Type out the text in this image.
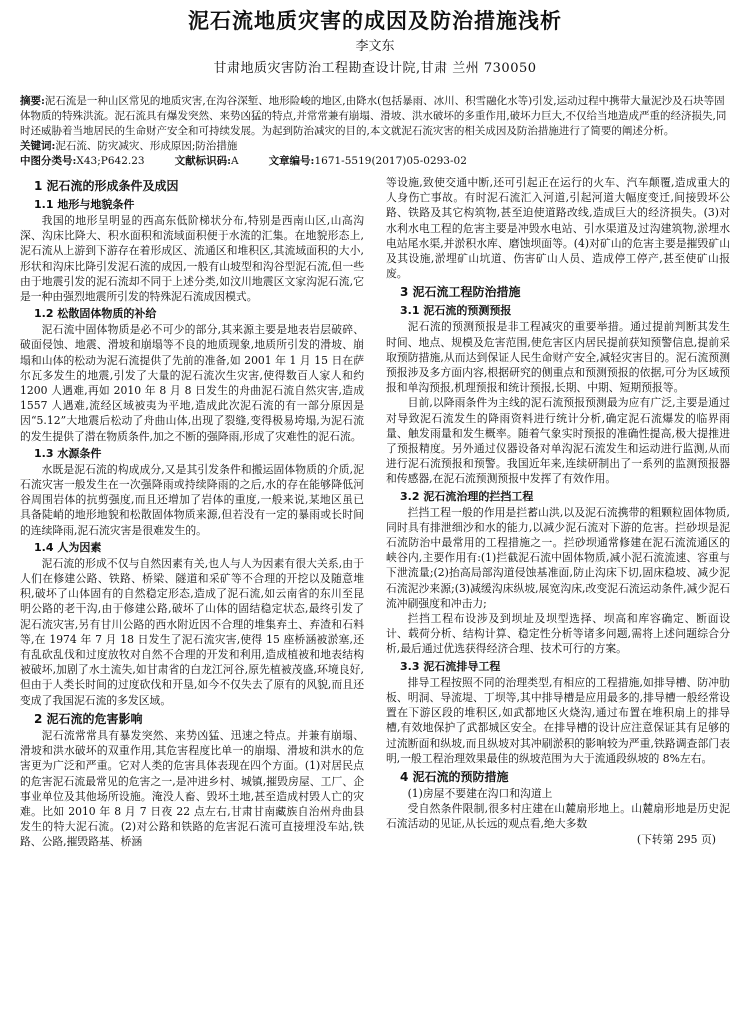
泥石流地质灾害的成因及防治措施浅析
李文东
甘肃地质灾害防治工程勘查设计院,甘肃 兰州 730050

摘要:泥石流是一种山区常见的地质灾害,在沟谷深堑、地形险峻的地区,由降水(包括暴雨、冰川、积雪融化水等)引发,运动过程中携带大量泥沙及石块等固体物质的特殊洪流。泥石流具有爆发突然、来势凶猛的特点,并常常兼有崩塌、滑坡、洪水破坏的多重作用,破坏力巨大,不仅给当地造成严重的经济损失,同时还威胁着当地居民的生命财产安全和可持续发展。为起到防治减灾的目的,本文就泥石流灾害的相关成因及防治措施进行了简要的阐述分析。

关键词:泥石流、防灾减灾、形成原因;防治措施

中图分类号:X43;P642.23	文献标识码:A	文章编号:1671-5519(2017)05-0293-02
1 泥石流的形成条件及成因
1.1 地形与地貌条件

我国的地形呈明显的西高东低阶梯状分布,特别是西南山区,山高沟深、沟床比降大、积水面积和流域面积便于水流的汇集。在地貌形态上,泥石流从上游到下游存在着形成区、流通区和堆积区,其流域面积的大小,形状和沟床比降引发泥石流的成因,一般有山坡型和沟谷型泥石流,但一些由于地震引发的泥石流却不同于上述分类,如汶川地震区文家沟泥石流,它是一种由强烈地震所引发的特殊泥石流成因模式。

1.2 松散固体物质的补给

泥石流中固体物质是必不可少的部分,其来源主要是地表岩层破碎、破面侵蚀、地震、滑坡和崩塌等不良的地质现象,地质所引发的滑坡、崩塌和山体的松动为泥石流提供了先前的准备,如 2001 年 1 月 15 日在萨尔瓦多发生的地震,引发了大量的泥石流次生灾害,使得数百人家人和约 1200 人遇难,再如 2010 年 8 月 8 日发生的舟曲泥石流自然灾害,造成 1557 人遇难,流经区域被夷为平地,造成此次泥石流的有一部分原因是因“5.12”大地震后松动了舟曲山体,出现了裂缝,变得极易垮塌,为泥石流的发生提供了潜在物质条件,加之不断的强降雨,形成了灾难性的泥石流。

1.3 水源条件

水既是泥石流的构成成分,又是其引发条件和搬运固体物质的介质,泥石流灾害一般发生在一次强降雨或持续降雨的之后,水的存在能够降低河谷周围岩体的抗剪强度,而且还增加了岩体的重度,一般来说,某地区虽已具备陡峭的地形地貌和松散固体物质来源,但若没有一定的暴雨或长时间的连续降雨,泥石流灾害是很难发生的。

1.4 人为因素

泥石流的形成不仅与自然因素有关,也人与人为因素有很大关系,由于人们在修建公路、铁路、桥梁、隧道和采矿等不合理的开挖以及随意堆积,破坏了山体固有的自然稳定形态,造成了泥石流,如云南省的东川至昆明公路的老干沟,由于修建公路,破坏了山体的固结稳定状态,最终引发了泥石流灾害,另有甘川公路的西水附近因不合理的堆集弃土、弃渣和石料等,在 1974 年 7 月 18 日发生了泥石流灾害,使得 15 座桥涵被淤塞,还有乱砍乱伐和过度放牧对自然不合理的开发和利用,造成植被和地表结构被破坏,加剧了水土流失,如甘肃省的白龙江河谷,原先植被茂盛,环境良好,但由于人类长时间的过度砍伐和开垦,如今不仅失去了原有的风貌,而且还变成了我国泥石流的多发区域。

2 泥石流的危害影响

泥石流常常具有暴发突然、来势凶猛、迅速之特点。并兼有崩塌、滑坡和洪水破坏的双重作用,其危害程度比单一的崩塌、滑坡和洪水的危害更为广泛和严重。它对人类的危害具体表现在四个方面。(1)对居民点的危害泥石流最常见的危害之一,是冲进乡村、城镇,摧毁房屋、工厂、企事业单位及其他场所设施。淹没人畜、毁坏土地,甚至造成村毁人亡的灾难。比如 2010 年 8 月 7 日夜 22 点左右,甘肃甘南藏族自治州舟曲县发生的特大泥石流。(2)对公路和铁路的危害泥石流可直接埋没车站,铁路、公路,摧毁路基、桥涵

等设施,致使交通中断,还可引起正在运行的火车、汽车颠覆,造成重大的人身伤亡事故。有时泥石流汇入河道,引起河道大幅度变迁,间接毁坏公路、铁路及其它构筑物,甚至迫使道路改线,造成巨大的经济损失。(3)对水利水电工程的危害主要是冲毁水电站、引水渠道及过沟建筑物,淤埋水电站尾水渠,并淤积水库、磨蚀坝面等。(4)对矿山的危害主要是摧毁矿山及其设施,淤埋矿山坑道、伤害矿山人员、造成停工停产,甚至使矿山报废。

3 泥石流工程防治措施
3.1 泥石流的预测预报

泥石流的预测预报是非工程减灾的重要举措。通过提前判断其发生时间、地点、规模及危害范围,使危害区内居民提前获知预警信息,提前采取预防措施,从而达到保证人民生命财产安全,减轻灾害目的。泥石流预测预报涉及多方面内容,根据研究的侧重点和预测预报的依据,可分为区域预报和单沟预报,机理预报和统计预报,长期、中期、短期预报等。

目前,以降雨条件为主线的泥石流预报预测最为应有广泛,主要是通过对导致泥石流发生的降雨资料进行统计分析,确定泥石流爆发的临界雨量、触发雨量和发生概率。随着气象实时预报的准确性提高,极大提推进了预报精度。另外通过仪器设备对单沟泥石流发生和运动进行监测,从而进行泥石流预报和预警。我国近年来,连续研制出了一系列的监测预报器和传感器,在泥石流预测预报中发挥了有效作用。

3.2 泥石流治理的拦挡工程

拦挡工程一般的作用是拦蓄山洪,以及泥石流携带的粗颗粒固体物质,同时具有排泄细沙和水的能力,以减少泥石流对下游的危害。拦砂坝是泥石流防治中最常用的工程措施之一。拦砂坝通常修建在泥石流流通区的峡谷内,主要作用有:(1)拦截泥石流中固体物质,减小泥石流流速、容重与下泄流量;(2)抬高局部沟道侵蚀基准面,防止沟床下切,固床稳坡、减少泥石流泥沙来源;(3)减缓沟床纵坡,展宽沟床,改变泥石流运动条件,减少泥石流冲刷强度和冲击力;

拦挡工程布设涉及到坝址及坝型选择、坝高和库容确定、断面设计、载荷分析、结构计算、稳定性分析等诸多问题,需将上述问题综合分析,最后通过优选获得经济合理、技术可行的方案。

3.3 泥石流排导工程

排导工程按照不同的治理类型,有相应的工程措施,如排导槽、防冲肋板、明洞、导流堤、丁坝等,其中排导槽是应用最多的,排导槽一般经常设置在下游区段的堆积区,如武都地区火烧沟,通过布置在堆积扇上的排导槽,有效地保护了武都城区安全。在排导槽的设计应注意保证其有足够的过流断面和纵坡,而且纵坡对其冲刷淤积的影响较为严重,铁路调查部门表明,一般工程治理效果最佳的纵坡范围为大于流通段纵坡的 8%左右。

4 泥石流的预防措施

(1)房屋不要建在沟口和沟道上

受自然条件限制,很多村庄建在山麓扇形地上。山麓扇形地是历史泥石流活动的见证,从长远的观点看,绝大多数

(下转第 295 页)
